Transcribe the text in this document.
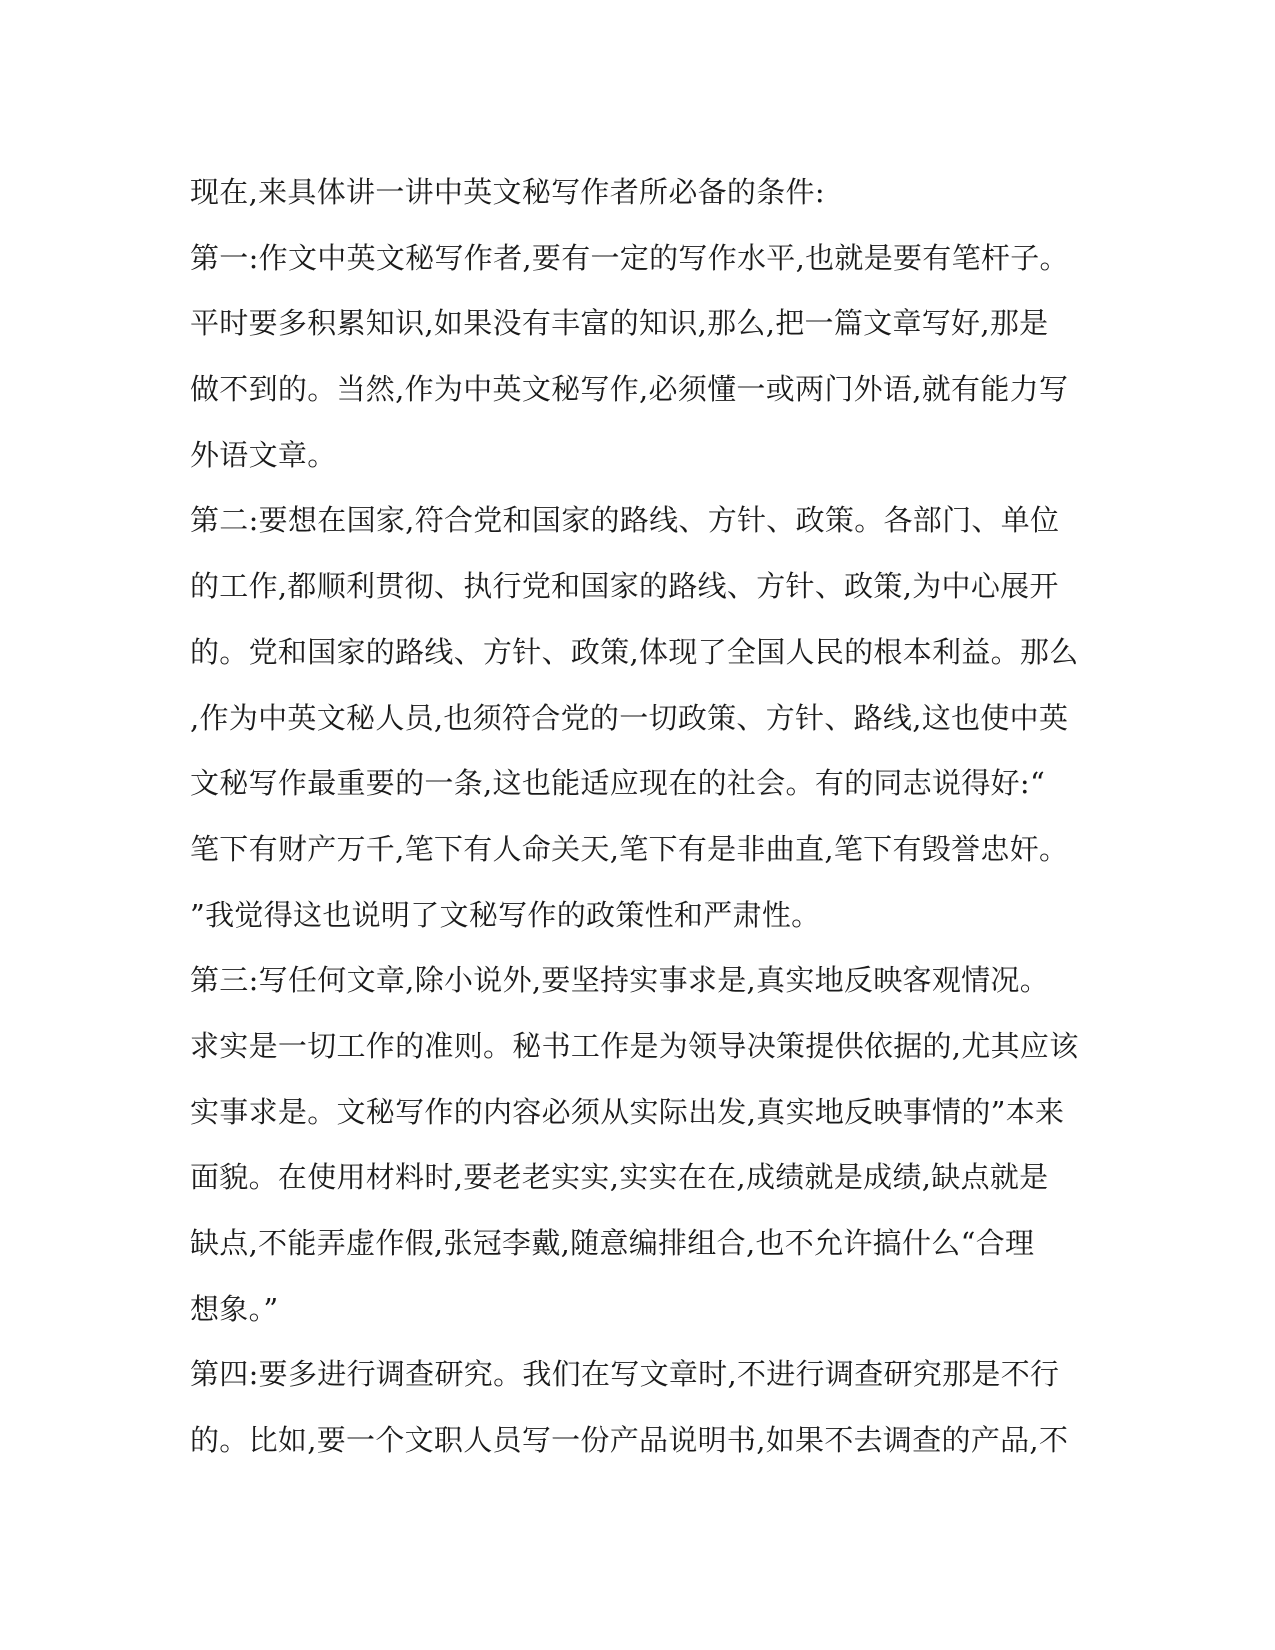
现在,来具体讲一讲中英文秘写作者所必备的条件:
第一:作文中英文秘写作者,要有一定的写作水平,也就是要有笔杆子。
平时要多积累知识,如果没有丰富的知识,那么,把一篇文章写好,那是
做不到的。当然,作为中英文秘写作,必须懂一或两门外语,就有能力写
外语文章。
第二:要想在国家,符合党和国家的路线、方针、政策。各部门、单位
的工作,都顺利贯彻、执行党和国家的路线、方针、政策,为中心展开
的。党和国家的路线、方针、政策,体现了全国人民的根本利益。那么
,作为中英文秘人员,也须符合党的一切政策、方针、路线,这也使中英
文秘写作最重要的一条,这也能适应现在的社会。有的同志说得好:“
笔下有财产万千,笔下有人命关天,笔下有是非曲直,笔下有毁誉忠奸。
”我觉得这也说明了文秘写作的政策性和严肃性。
第三:写任何文章,除小说外,要坚持实事求是,真实地反映客观情况。
求实是一切工作的准则。秘书工作是为领导决策提供依据的,尤其应该
实事求是。文秘写作的内容必须从实际出发,真实地反映事情的”本来
面貌。在使用材料时,要老老实实,实实在在,成绩就是成绩,缺点就是
缺点,不能弄虚作假,张冠李戴,随意编排组合,也不允许搞什么“合理
想象。”
第四:要多进行调查研究。我们在写文章时,不进行调查研究那是不行
的。比如,要一个文职人员写一份产品说明书,如果不去调查的产品,不
